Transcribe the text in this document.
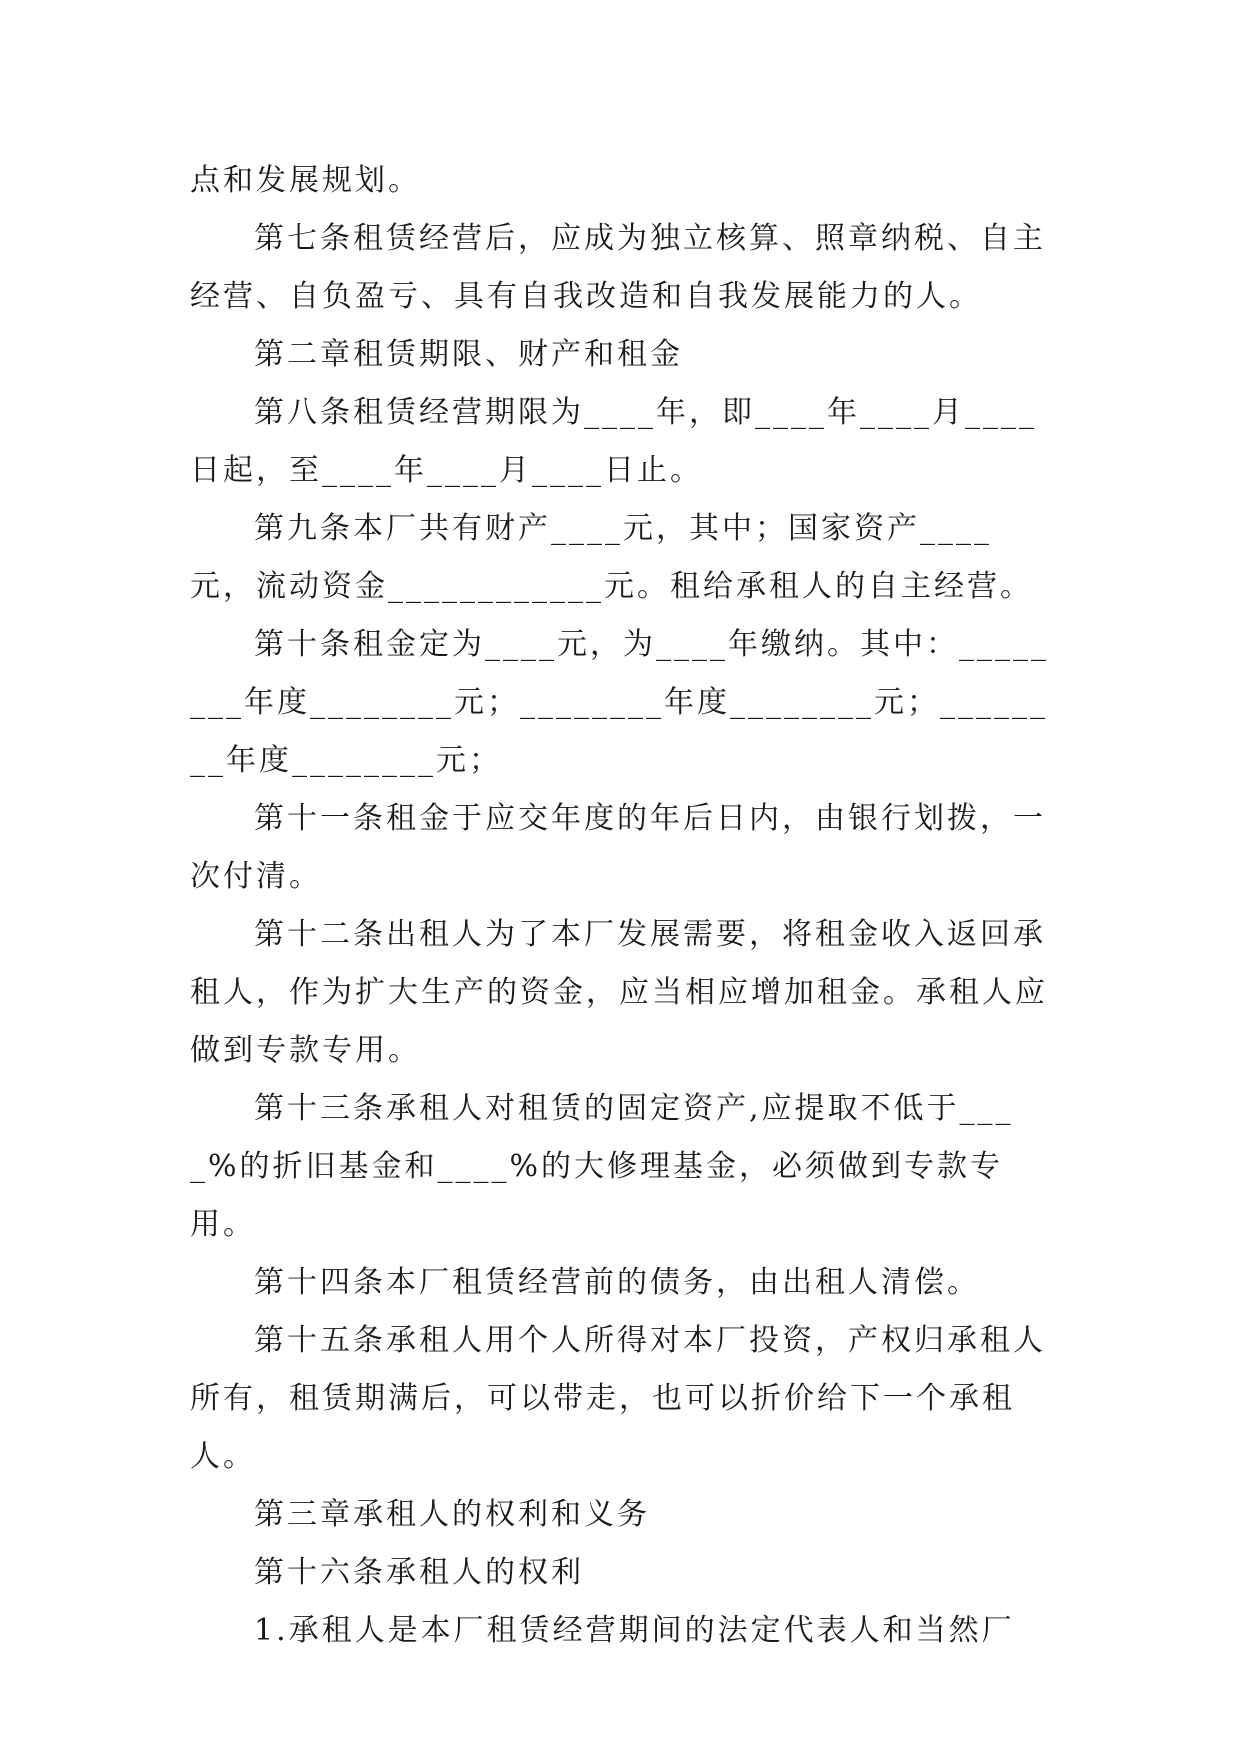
点和发展规划。

第七条租赁经营后，应成为独立核算、照章纳税、自主经营、自负盈亏、具有自我改造和自我发展能力的人。

第二章租赁期限、财产和租金

第八条租赁经营期限为____年，即____年____月____日起，至____年____月____日止。

第九条本厂共有财产____元，其中；国家资产____元，流动资金____________元。租给承租人的自主经营。

第十条租金定为____元，为____年缴纳。其中：________年度________元；________年度________元；________年度________元；

第十一条租金于应交年度的年后日内，由银行划拨，一次付清。

第十二条出租人为了本厂发展需要，将租金收入返回承租人，作为扩大生产的资金，应当相应增加租金。承租人应做到专款专用。

第十三条承租人对租赁的固定资产,应提取不低于____%的折旧基金和____%的大修理基金，必须做到专款专用。

第十四条本厂租赁经营前的债务，由出租人清偿。

第十五条承租人用个人所得对本厂投资，产权归承租人所有，租赁期满后，可以带走，也可以折价给下一个承租人。

第三章承租人的权利和义务

第十六条承租人的权利

1.承租人是本厂租赁经营期间的法定代表人和当然厂
